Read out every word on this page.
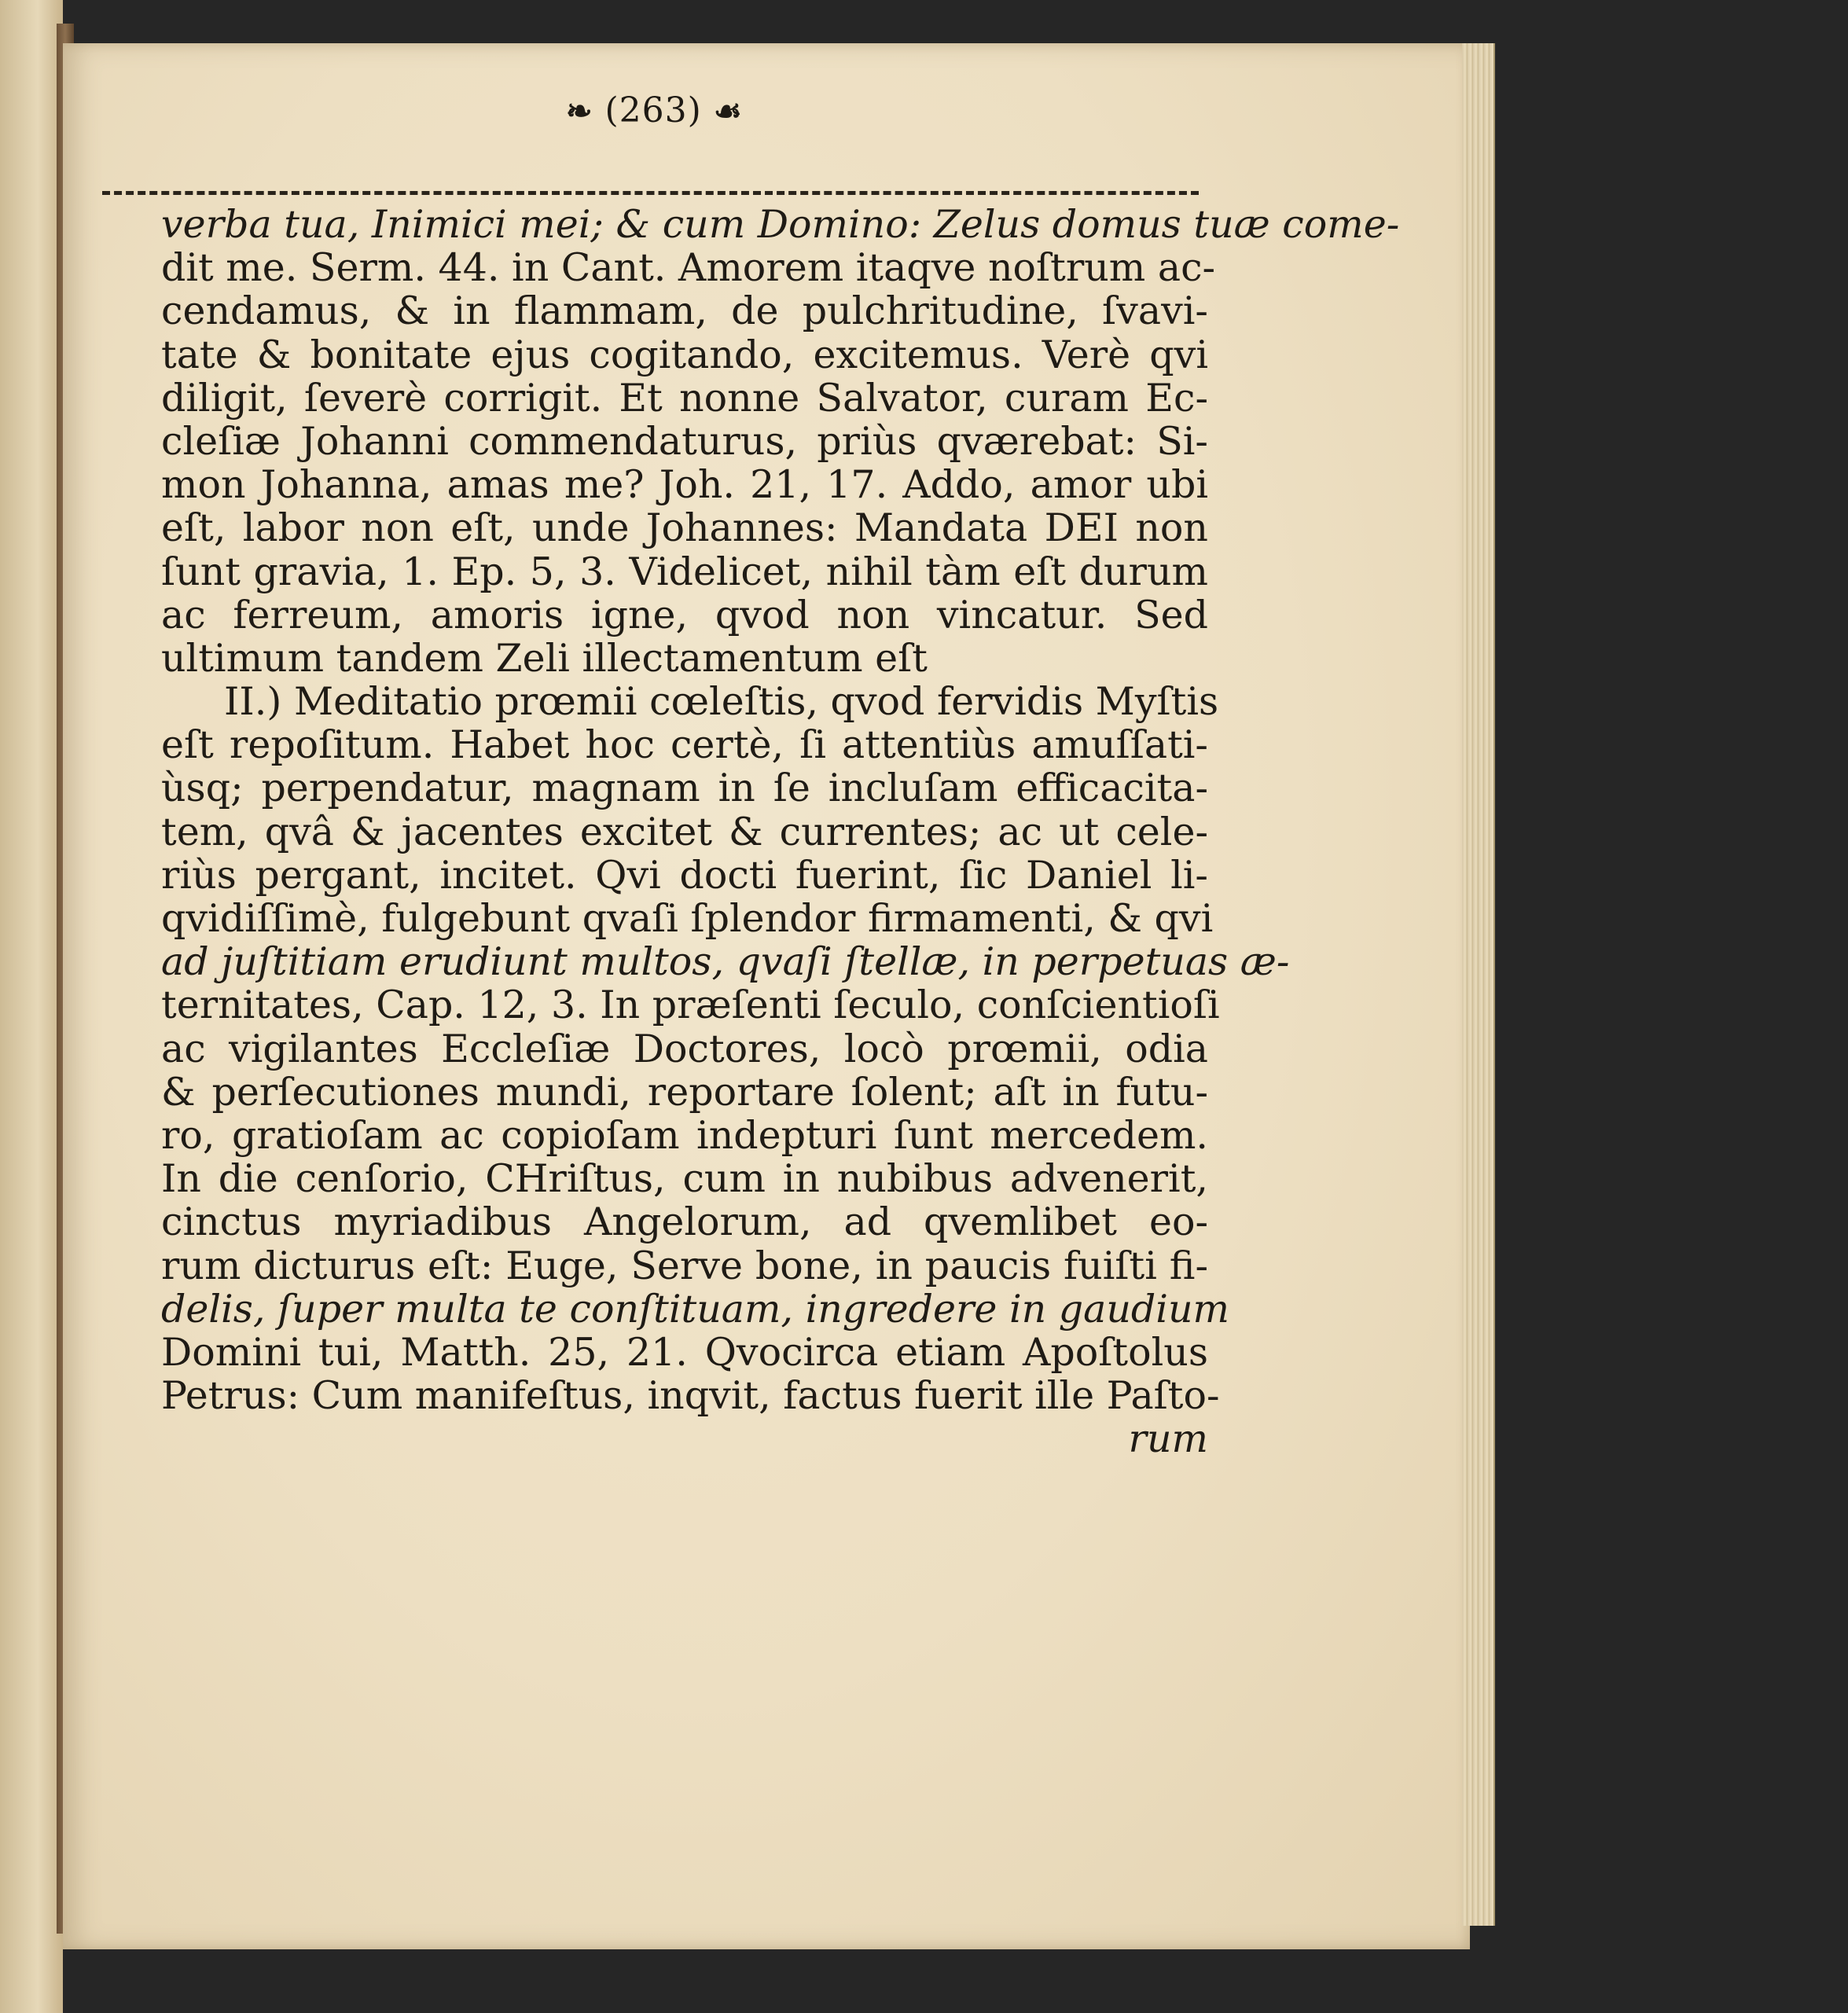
❧ (263) ☙
verba tua, Inimici mei; & cum Domino: Zelus domus tuæ come-
dit me. Serm. 44. in Cant. Amorem itaqve noſtrum ac-
cendamus, & in flammam, de pulchritudine, ſvavi-
tate & bonitate ejus cogitando, excitemus. Verè qvi
diligit, ſeverè corrigit. Et nonne Salvator, curam Ec-
cleſiæ Johanni commendaturus, priùs qværebat: Si-
mon Johanna, amas me? Joh. 21, 17. Addo, amor ubi
eſt, labor non eſt, unde Johannes: Mandata DEI non
ſunt gravia, 1. Ep. 5, 3. Videlicet, nihil tàm eſt durum
ac ferreum, amoris igne, qvod non vincatur. Sed
ultimum tandem Zeli illectamentum eſt
II.) Meditatio prœmii cœleſtis, qvod fervidis Myſtis
eſt repoſitum. Habet hoc certè, ſi attentiùs amuſſati-
ùsq; perpendatur, magnam in ſe incluſam efficacita-
tem, qvâ & jacentes excitet & currentes; ac ut cele-
riùs pergant, incitet. Qvi docti fuerint, ſic Daniel li-
qvidiſſimè, fulgebunt qvaſi ſplendor firmamenti, & qvi
ad juſtitiam erudiunt multos, qvaſi ſtellæ, in perpetuas æ-
ternitates, Cap. 12, 3. In præſenti ſeculo, conſcientioſi
ac vigilantes Eccleſiæ Doctores, locò prœmii, odia
& perſecutiones mundi, reportare ſolent; aſt in futu-
ro, gratioſam ac copioſam indepturi ſunt mercedem.
In die cenſorio, CHriſtus, cum in nubibus advenerit,
cinctus myriadibus Angelorum, ad qvemlibet eo-
rum dicturus eſt: Euge, Serve bone, in paucis fuiſti fi-
delis, ſuper multa te conſtituam, ingredere in gaudium
Domini tui, Matth. 25, 21. Qvocirca etiam Apoſtolus
Petrus: Cum manifeſtus, inqvit, factus fuerit ille Paſto-
rum
